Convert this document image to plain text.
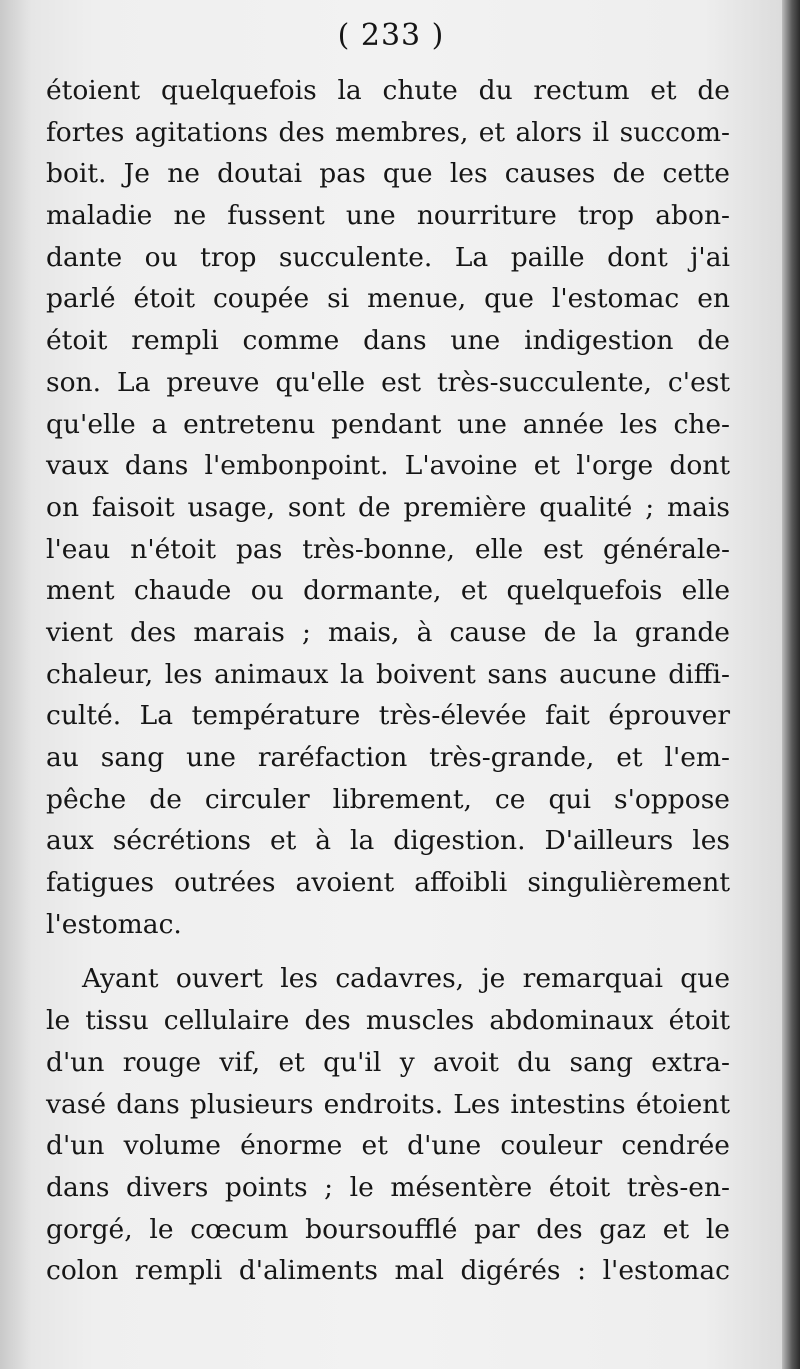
( 233 )
étoient quelquefois la chute du rectum et de
fortes agitations des membres, et alors il succom-
boit. Je ne doutai pas que les causes de cette
maladie ne fussent une nourriture trop abon-
dante ou trop succulente. La paille dont j'ai
parlé étoit coupée si menue, que l'estomac en
étoit rempli comme dans une indigestion de
son. La preuve qu'elle est très-succulente, c'est
qu'elle a entretenu pendant une année les che-
vaux dans l'embonpoint. L'avoine et l'orge dont
on faisoit usage, sont de première qualité ; mais
l'eau n'étoit pas très-bonne, elle est générale-
ment chaude ou dormante, et quelquefois elle
vient des marais ; mais, à cause de la grande
chaleur, les animaux la boivent sans aucune diffi-
culté. La température très-élevée fait éprouver
au sang une raréfaction très-grande, et l'em-
pêche de circuler librement, ce qui s'oppose
aux sécrétions et à la digestion. D'ailleurs les
fatigues outrées avoient affoibli singulièrement
l'estomac.
Ayant ouvert les cadavres, je remarquai que
le tissu cellulaire des muscles abdominaux étoit
d'un rouge vif, et qu'il y avoit du sang extra-
vasé dans plusieurs endroits. Les intestins étoient
d'un volume énorme et d'une couleur cendrée
dans divers points ; le mésentère étoit très-en-
gorgé, le cœcum boursoufflé par des gaz et le
colon rempli d'aliments mal digérés : l'estomac
